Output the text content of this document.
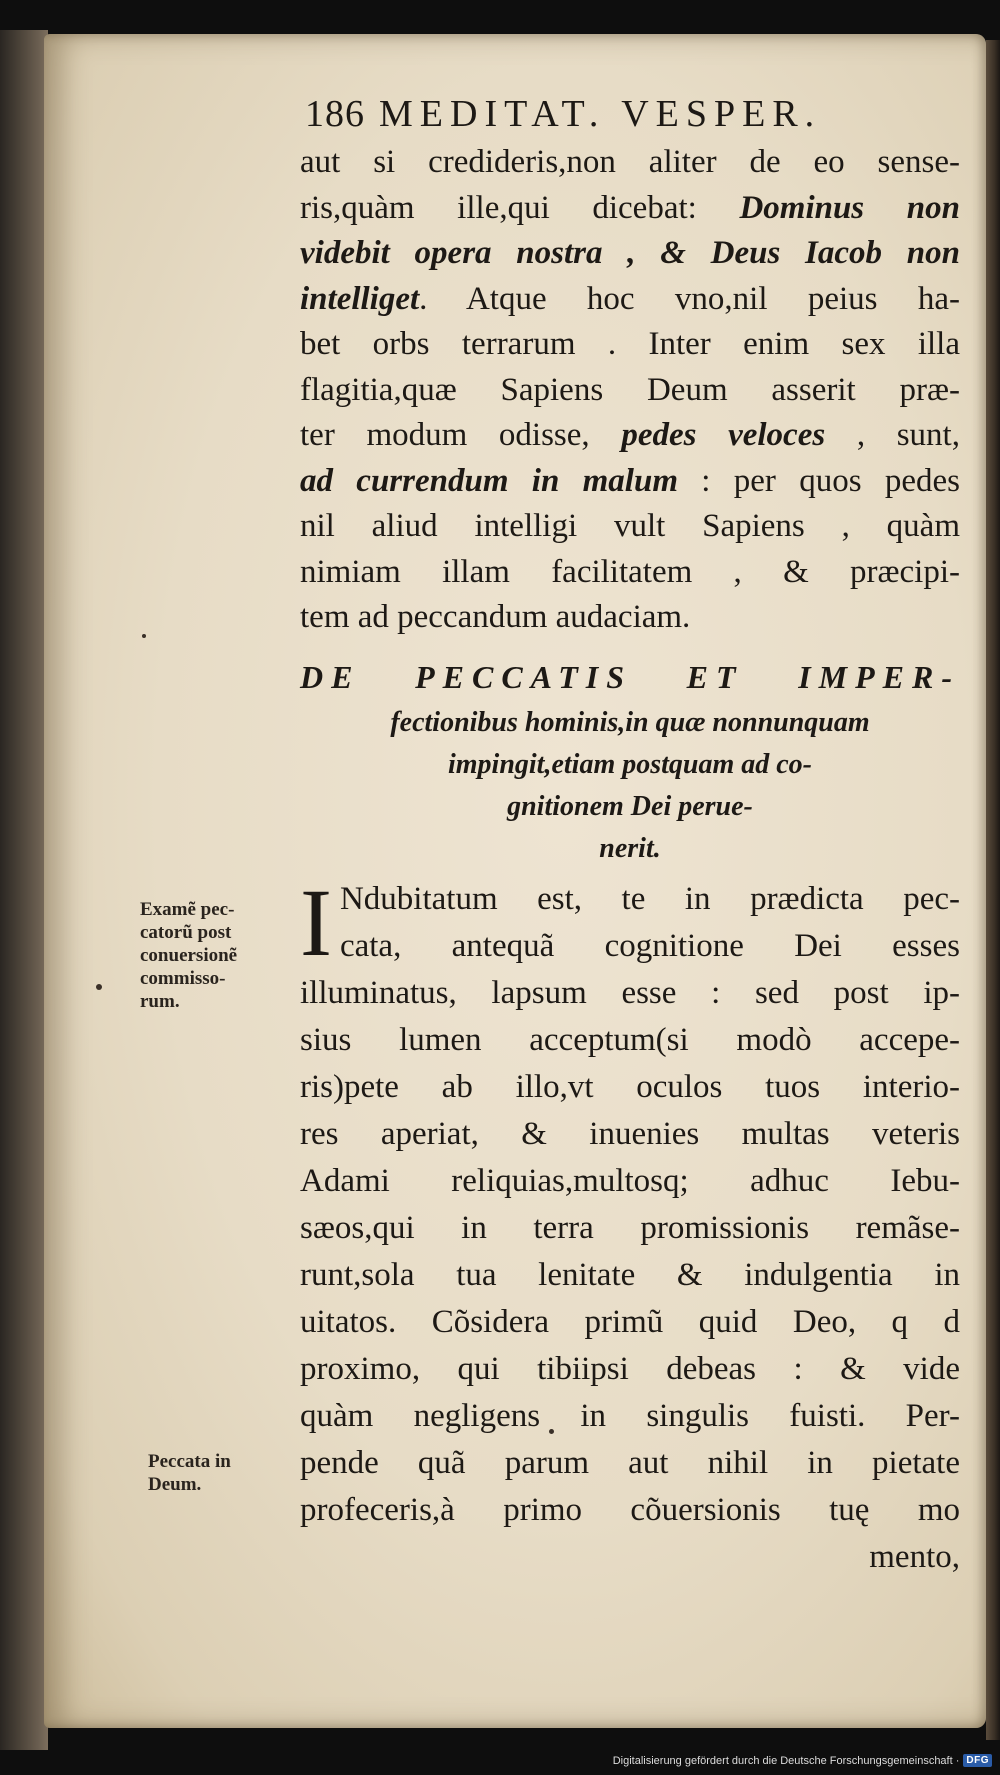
186 MEDITAT. VESPER.
aut si credideris,non aliter de eo sense-
ris,quàm ille,qui dicebat: Dominus non
videbit opera nostra , & Deus Iacob non
intelliget. Atque hoc vno,nil peius ha-
bet orbs terrarum . Inter enim sex illa
flagitia,quæ Sapiens Deum asserit præ-
ter modum odisse, pedes veloces , sunt,
ad currendum in malum : per quos pedes
nil aliud intelligi vult Sapiens , quàm
nimiam illam facilitatem , & præcipi-
tem ad peccandum audaciam.
DE PECCATIS ET IMPER-
fectionibus hominis,in quæ nonnunquam
impingit,etiam postquam ad co-
gnitionem Dei perue-
nerit.
I Ndubitatum est, te in prædicta pec-
cata, antequã cognitione Dei esses
illuminatus, lapsum esse : sed post ip-
sius lumen acceptum(si modò accepe-
ris)pete ab illo,vt oculos tuos interio-
res aperiat, & inuenies multas veteris
Adami reliquias,multosq; adhuc Iebu-
sæos,qui in terra promissionis remãse-
runt,sola tua lenitate & indulgentia in
uitatos. Cõsidera primũ quid Deo, q d
proximo, qui tibiipsi debeas : & vide
quàm negligens in singulis fuisti. Per-
pende quã parum aut nihil in pietate
profeceris,à primo cõuersionis tuę mo
mento,
Examẽ pec-
catorũ post
conuersionẽ
commisso-
rum.
Peccata in
Deum.
Digitalisierung gefördert durch die Deutsche Forschungsgemeinschaft · DFG
